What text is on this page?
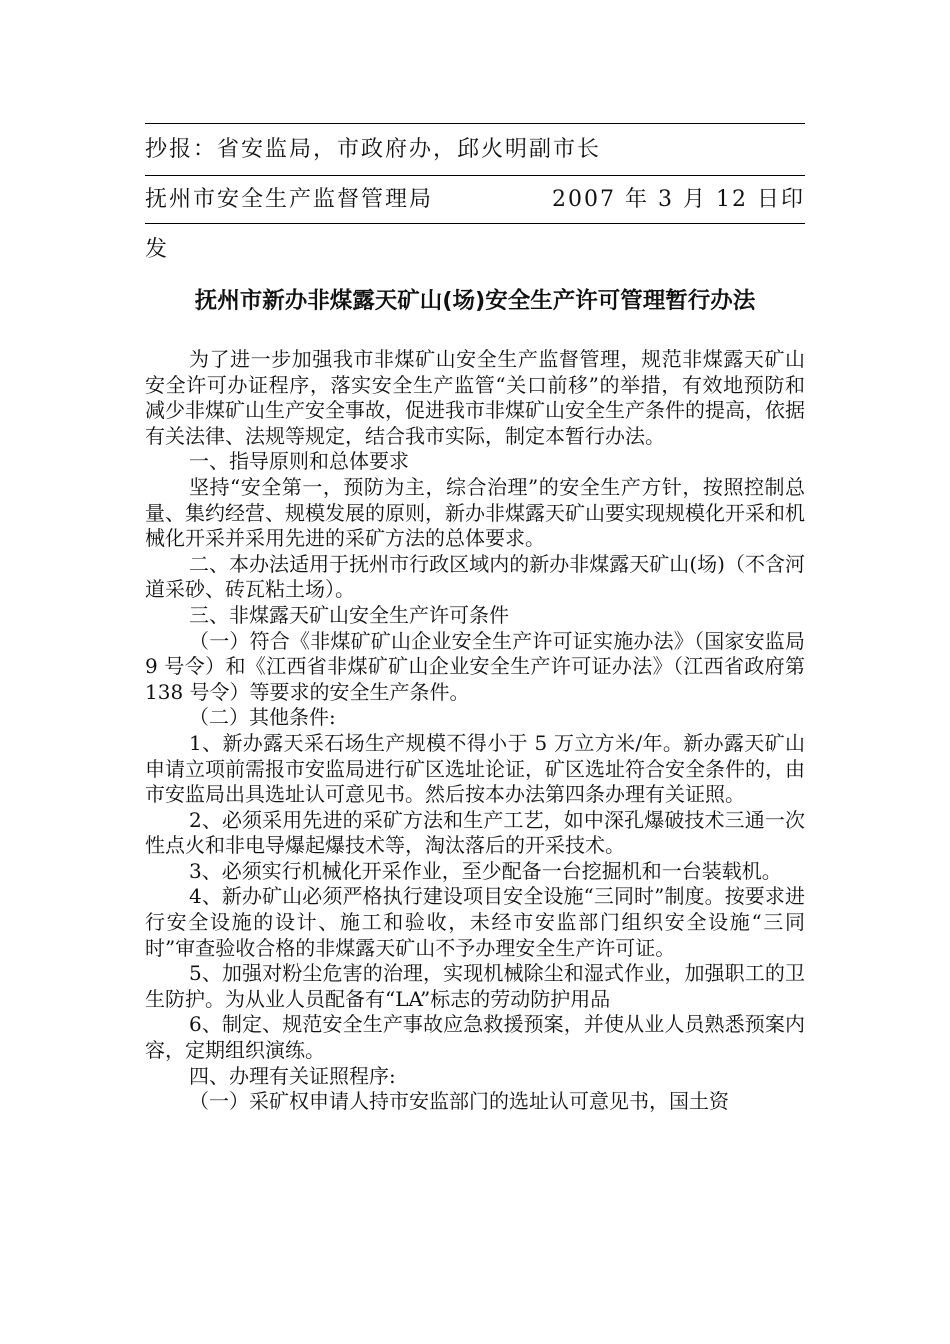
抄报：省安监局，市政府办，邱火明副市长
抚州市安全生产监督管理局	2007 年 3 月 12 日印
发
抚州市新办非煤露天矿山(场)安全生产许可管理暂行办法

为了进一步加强我市非煤矿山安全生产监督管理，规范非煤露天矿山安全许可办证程序，落实安全生产监管“关口前移”的举措，有效地预防和减少非煤矿山生产安全事故，促进我市非煤矿山安全生产条件的提高，依据有关法律、法规等规定，结合我市实际，制定本暂行办法。

一、指导原则和总体要求

坚持“安全第一，预防为主，综合治理”的安全生产方针，按照控制总量、集约经营、规模发展的原则，新办非煤露天矿山要实现规模化开采和机械化开采并采用先进的采矿方法的总体要求。

二、本办法适用于抚州市行政区域内的新办非煤露天矿山(场)（不含河道采砂、砖瓦粘土场）。

三、非煤露天矿山安全生产许可条件

（一）符合《非煤矿矿山企业安全生产许可证实施办法》（国家安监局 9 号令）和《江西省非煤矿矿山企业安全生产许可证办法》（江西省政府第 138 号令）等要求的安全生产条件。

（二）其他条件:

1、新办露天采石场生产规模不得小于 5 万立方米/年。新办露天矿山申请立项前需报市安监局进行矿区选址论证，矿区选址符合安全条件的，由市安监局出具选址认可意见书。然后按本办法第四条办理有关证照。

2、必须采用先进的采矿方法和生产工艺，如中深孔爆破技术三通一次性点火和非电导爆起爆技术等，淘汰落后的开采技术。

3、必须实行机械化开采作业，至少配备一台挖掘机和一台装载机。

4、新办矿山必须严格执行建设项目安全设施“三同时”制度。按要求进行安全设施的设计、施工和验收，未经市安监部门组织安全设施“三同时”审查验收合格的非煤露天矿山不予办理安全生产许可证。

5、加强对粉尘危害的治理，实现机械除尘和湿式作业，加强职工的卫生防护。为从业人员配备有“LA”标志的劳动防护用品

6、制定、规范安全生产事故应急救援预案，并使从业人员熟悉预案内容，定期组织演练。

四、办理有关证照程序:

（一）采矿权申请人持市安监部门的选址认可意见书，国土资
